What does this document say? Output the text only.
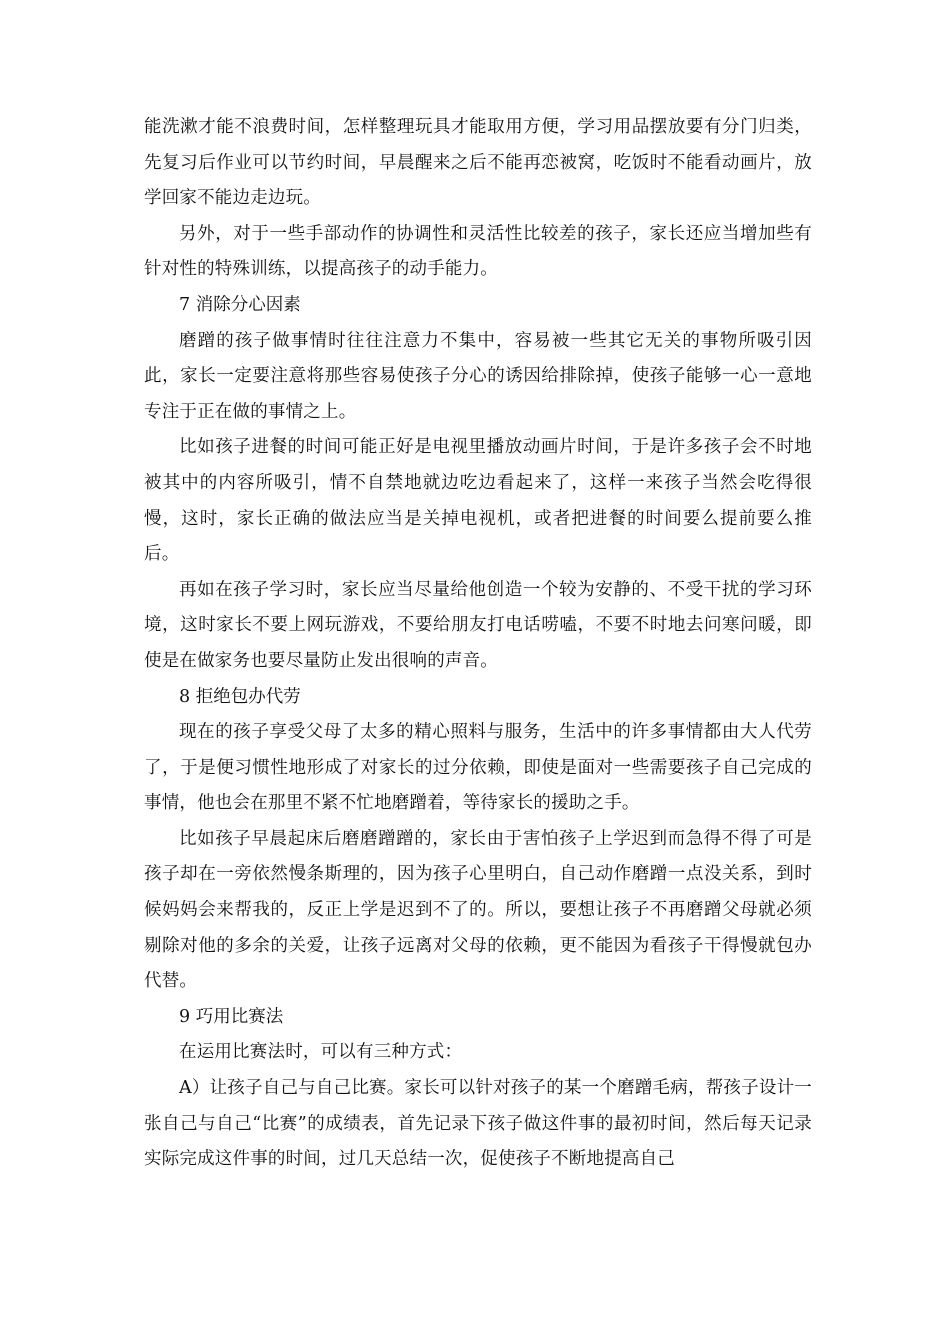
能洗漱才能不浪费时间，怎样整理玩具才能取用方便，学习用品摆放要有分门归类，先复习后作业可以节约时间，早晨醒来之后不能再恋被窝，吃饭时不能看动画片，放学回家不能边走边玩。

另外，对于一些手部动作的协调性和灵活性比较差的孩子，家长还应当增加些有针对性的特殊训练，以提高孩子的动手能力。

7 消除分心因素

磨蹭的孩子做事情时往往注意力不集中，容易被一些其它无关的事物所吸引因此，家长一定要注意将那些容易使孩子分心的诱因给排除掉，使孩子能够一心一意地专注于正在做的事情之上。

比如孩子进餐的时间可能正好是电视里播放动画片时间，于是许多孩子会不时地被其中的内容所吸引，情不自禁地就边吃边看起来了，这样一来孩子当然会吃得很慢，这时，家长正确的做法应当是关掉电视机，或者把进餐的时间要么提前要么推后。

再如在孩子学习时，家长应当尽量给他创造一个较为安静的、不受干扰的学习环境，这时家长不要上网玩游戏，不要给朋友打电话唠嗑，不要不时地去问寒问暖，即使是在做家务也要尽量防止发出很响的声音。

8 拒绝包办代劳

现在的孩子享受父母了太多的精心照料与服务，生活中的许多事情都由大人代劳了，于是便习惯性地形成了对家长的过分依赖，即使是面对一些需要孩子自己完成的事情，他也会在那里不紧不忙地磨蹭着，等待家长的援助之手。

比如孩子早晨起床后磨磨蹭蹭的，家长由于害怕孩子上学迟到而急得不得了可是孩子却在一旁依然慢条斯理的，因为孩子心里明白，自己动作磨蹭一点没关系，到时候妈妈会来帮我的，反正上学是迟到不了的。所以，要想让孩子不再磨蹭父母就必须剔除对他的多余的关爱，让孩子远离对父母的依赖，更不能因为看孩子干得慢就包办代替。

9 巧用比赛法

在运用比赛法时，可以有三种方式：

A）让孩子自己与自己比赛。家长可以针对孩子的某一个磨蹭毛病，帮孩子设计一张自己与自己“比赛”的成绩表，首先记录下孩子做这件事的最初时间，然后每天记录实际完成这件事的时间，过几天总结一次，促使孩子不断地提高自己
